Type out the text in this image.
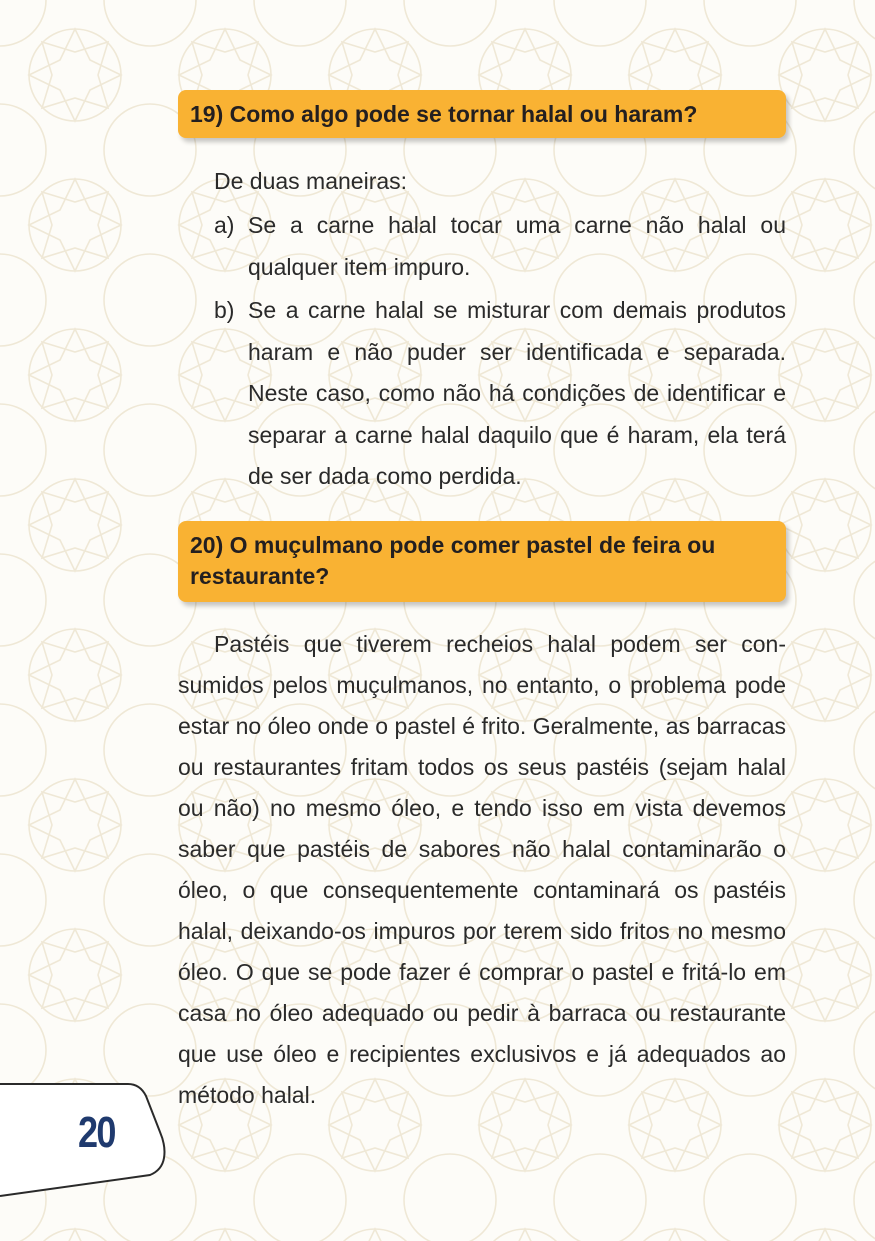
19) Como algo pode se tornar halal ou haram?
De duas maneiras:
a) Se a carne halal tocar uma carne não halal ou qualquer item impuro.
b) Se a carne halal se misturar com demais produtos haram e não puder ser identificada e separada. Neste caso, como não há condições de identificar e separar a carne halal daquilo que é haram, ela terá de ser dada como perdida.
20) O muçulmano pode comer pastel de feira ou restaurante?
Pastéis que tiverem recheios halal podem ser consumidos pelos muçulmanos, no entanto, o problema pode estar no óleo onde o pastel é frito. Geralmente, as barracas ou restaurantes fritam todos os seus pastéis (sejam halal ou não) no mesmo óleo, e tendo isso em vista devemos saber que pastéis de sabores não halal contaminarão o óleo, o que consequentemente contaminará os pastéis halal, deixando-os impuros por terem sido fritos no mesmo óleo. O que se pode fazer é comprar o pastel e fritá-lo em casa no óleo adequado ou pedir à barraca ou restaurante que use óleo e recipientes exclusivos e já adequados ao método halal.
20
